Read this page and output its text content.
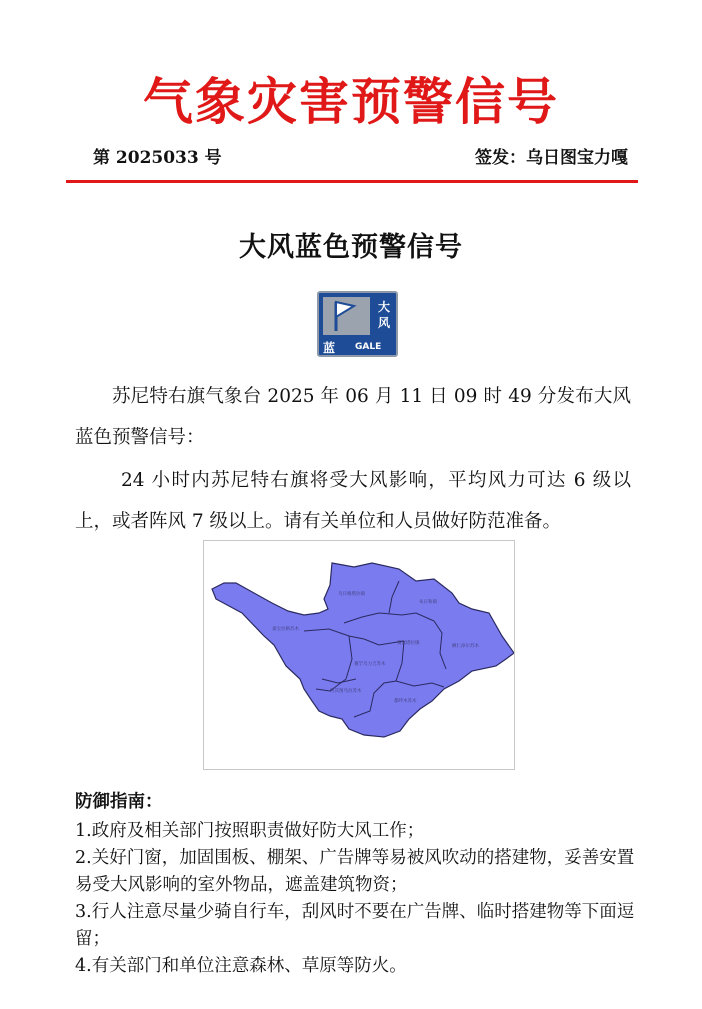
气象灾害预警信号
第 2025033 号	签发：乌日图宝力嘎
大风蓝色预警信号
大
风
蓝 GALE
苏尼特右旗气象台 2025 年 06 月 11 日 09 时 49 分发布大风蓝色预警信号：
24 小时内苏尼特右旗将受大风影响，平均风力可达 6 级以上，或者阵风 7 级以上。请有关单位和人员做好防范准备。
乌日根塔拉镇
朱日和镇
赛汉塔拉镇
额仁淖尔苏木
桑宝拉格苏木
赛罕乌力吉苏木
都呼木苏木
阿其图乌拉苏木
防御指南：
1.政府及相关部门按照职责做好防大风工作；
2.关好门窗，加固围板、棚架、广告牌等易被风吹动的搭建物，妥善安置易受大风影响的室外物品，遮盖建筑物资；
3.行人注意尽量少骑自行车，刮风时不要在广告牌、临时搭建物等下面逗留；
4.有关部门和单位注意森林、草原等防火。
